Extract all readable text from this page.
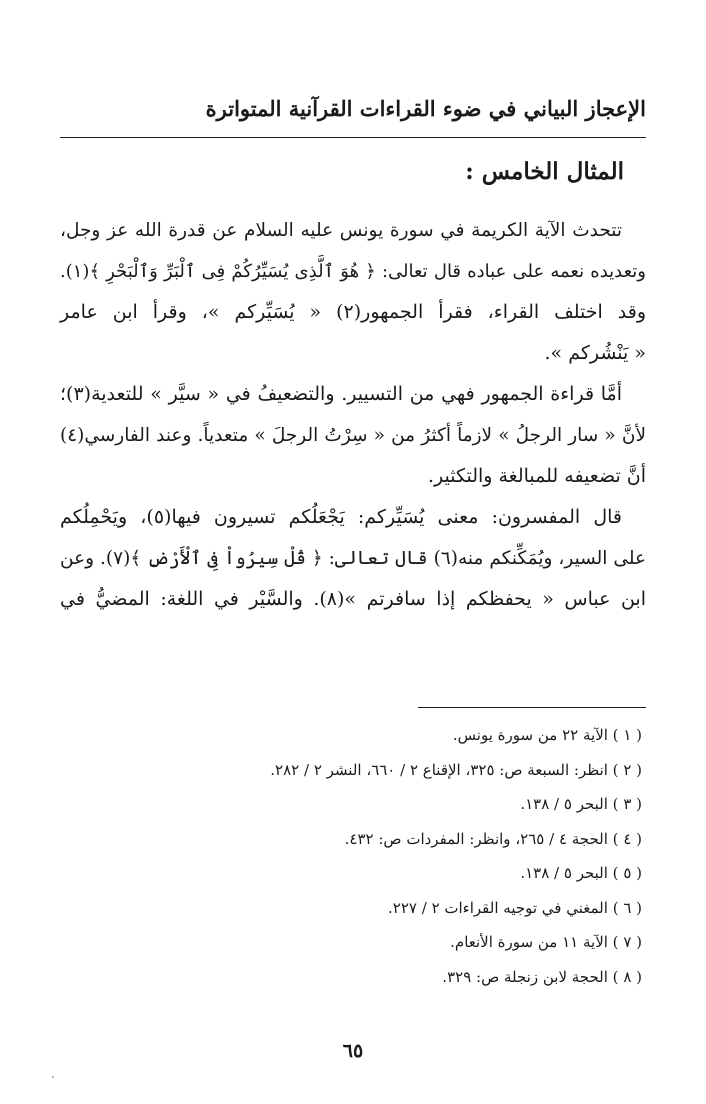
الإعجاز البياني في ضوء القراءات القرآنية المتواترة
المثال الخامس :
تتحدث الآية الكريمة في سورة يونس عليه السلام عن قدرة الله عز وجل،
وتعديده نعمه على عباده قال تعالى: ﴿ هُوَ ٱلَّذِى يُسَيِّرُكُمْ فِى ٱلْبَرِّ وَٱلْبَحْرِ ﴾(١).
وقد اختلف القراء، فقرأ الجمهور(٢) « يُسَيِّركم »، وقرأ ابن عامر
« يَنْشُركم ».
أمَّا قراءة الجمهور فهي من التسيير. والتضعيفُ في « سيَّر » للتعدية(٣)؛
لأنَّ « سار الرجلُ » لازماً أكثرُ من « سِرْتُ الرجلَ » متعدياً. وعند الفارسي(٤)
أنَّ تضعيفه للمبالغة والتكثير.
قال المفسرون: معنى يُسَيِّركم: يَجْعَلُكم تسيرون فيها(٥)، ويَحْمِلُكم
على السير، ويُمَكِّنكم منه(٦) قال تعالى: ﴿ قُلْ سِيرُواْ فِى ٱلْأَرْضِ ﴾(٧). وعن
ابن عباس « يحفظكم إذا سافرتم »(٨). والسَّيْر في اللغة: المضيُّ في
( ١ ) الآية ٢٢ من سورة يونس.
( ٢ ) انظر: السبعة ص: ٣٢٥، الإقناع ٢ / ٦٦٠، النشر ٢ / ٢٨٢.
( ٣ ) البحر ٥ / ١٣٨.
( ٤ ) الحجة ٤ / ٢٦٥، وانظر: المفردات ص: ٤٣٢.
( ٥ ) البحر ٥ / ١٣٨.
( ٦ ) المغني في توجيه القراءات ٢ / ٢٢٧.
( ٧ ) الآية ١١ من سورة الأنعام.
( ٨ ) الحجة لابن زنجلة ص: ٣٢٩.
٦٥
